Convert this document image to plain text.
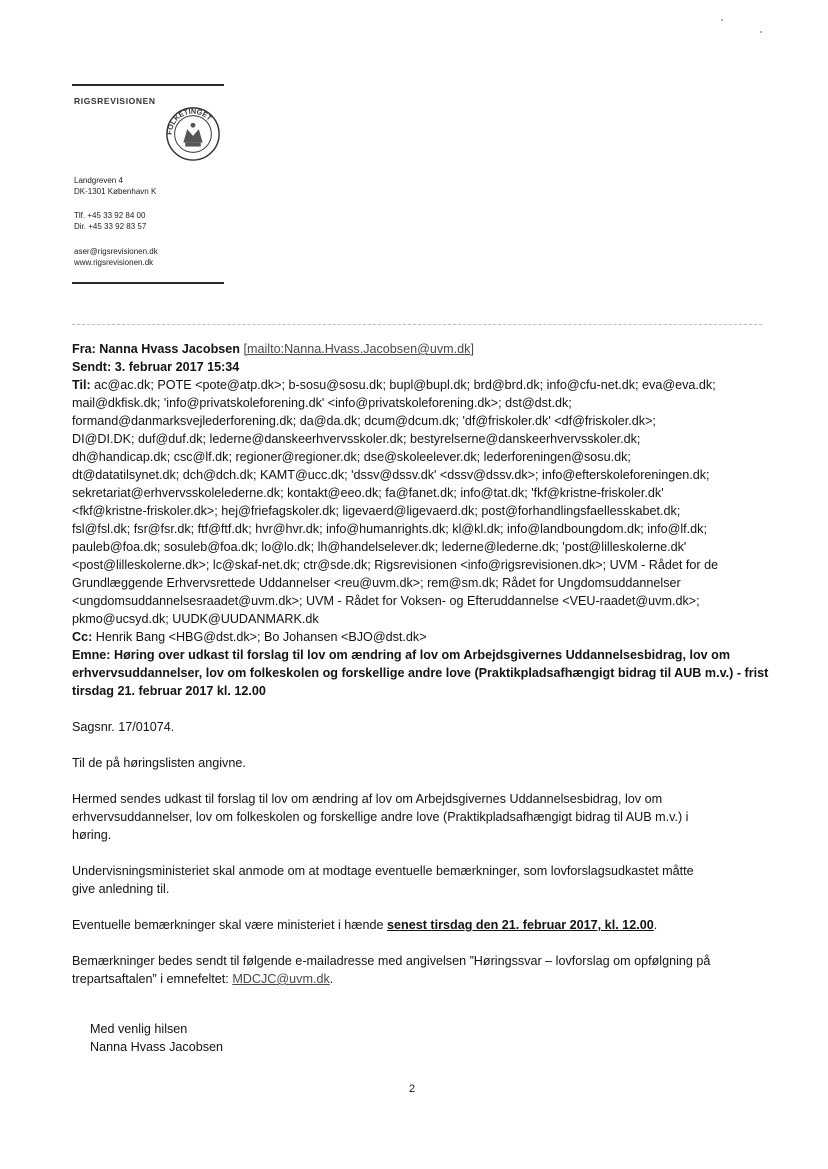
RIGSREVISIONEN
FOLKETINGET
Landgreven 4
DK-1301 København K
Tlf. +45 33 92 84 00
Dir. +45 33 92 83 57
aser@rigsrevisionen.dk
www.rigsrevisionen.dk

Fra: Nanna Hvass Jacobsen [mailto:Nanna.Hvass.Jacobsen@uvm.dk]

Sendt: 3. februar 2017 15:34

Til: ac@ac.dk; POTE <pote@atp.dk>; b-sosu@sosu.dk; bupl@bupl.dk; brd@brd.dk; info@cfu-net.dk; eva@eva.dk;
mail@dkfisk.dk; 'info@privatskoleforening.dk' <info@privatskoleforening.dk>; dst@dst.dk;
formand@danmarksvejlederforening.dk; da@da.dk; dcum@dcum.dk; 'df@friskoler.dk' <df@friskoler.dk>;
DI@DI.DK; duf@duf.dk; lederne@danskeerhvervsskoler.dk; bestyrelserne@danskeerhvervsskoler.dk;
dh@handicap.dk; csc@lf.dk; regioner@regioner.dk; dse@skoleelever.dk; lederforeningen@sosu.dk;
dt@datatilsynet.dk; dch@dch.dk; KAMT@ucc.dk; 'dssv@dssv.dk' <dssv@dssv.dk>; info@efterskoleforeningen.dk;
sekretariat@erhvervsskolelederne.dk; kontakt@eeo.dk; fa@fanet.dk; info@tat.dk; 'fkf@kristne-friskoler.dk'
<fkf@kristne-friskoler.dk>; hej@friefagskoler.dk; ligevaerd@ligevaerd.dk; post@forhandlingsfaellesskabet.dk;
fsl@fsl.dk; fsr@fsr.dk; ftf@ftf.dk; hvr@hvr.dk; info@humanrights.dk; kl@kl.dk; info@landboungdom.dk; info@lf.dk;
pauleb@foa.dk; sosuleb@foa.dk; lo@lo.dk; lh@handelselever.dk; lederne@lederne.dk; 'post@lilleskolerne.dk'
<post@lilleskolerne.dk>; lc@skaf-net.dk; ctr@sde.dk; Rigsrevisionen <info@rigsrevisionen.dk>; UVM - Rådet for de
Grundlæggende Erhvervsrettede Uddannelser <reu@uvm.dk>; rem@sm.dk; Rådet for Ungdomsuddannelser
<ungdomsuddannelsesraadet@uvm.dk>; UVM - Rådet for Voksen- og Efteruddannelse <VEU-raadet@uvm.dk>;
pkmo@ucsyd.dk; UUDK@UUDANMARK.dk

Cc: Henrik Bang <HBG@dst.dk>; Bo Johansen <BJO@dst.dk>

Emne: Høring over udkast til forslag til lov om ændring af lov om Arbejdsgivernes Uddannelsesbidrag, lov om
erhvervsuddannelser, lov om folkeskolen og forskellige andre love (Praktikpladsafhængigt bidrag til AUB m.v.) - frist
tirsdag 21. februar 2017 kl. 12.00

Sagsnr. 17/01074.

Til de på høringslisten angivne.

Hermed sendes udkast til forslag til lov om ændring af lov om Arbejdsgivernes Uddannelsesbidrag, lov om
erhvervsuddannelser, lov om folkeskolen og forskellige andre love (Praktikpladsafhængigt bidrag til AUB m.v.) i
høring.

Undervisningsministeriet skal anmode om at modtage eventuelle bemærkninger, som lovforslagsudkastet måtte
give anledning til.

Eventuelle bemærkninger skal være ministeriet i hænde senest tirsdag den 21. februar 2017, kl. 12.00.

Bemærkninger bedes sendt til følgende e-mailadresse med angivelsen ”Høringssvar – lovforslag om opfølgning på
trepartsaftalen” i emnefeltet: MDCJC@uvm.dk.

Med venlig hilsen
Nanna Hvass Jacobsen
2
